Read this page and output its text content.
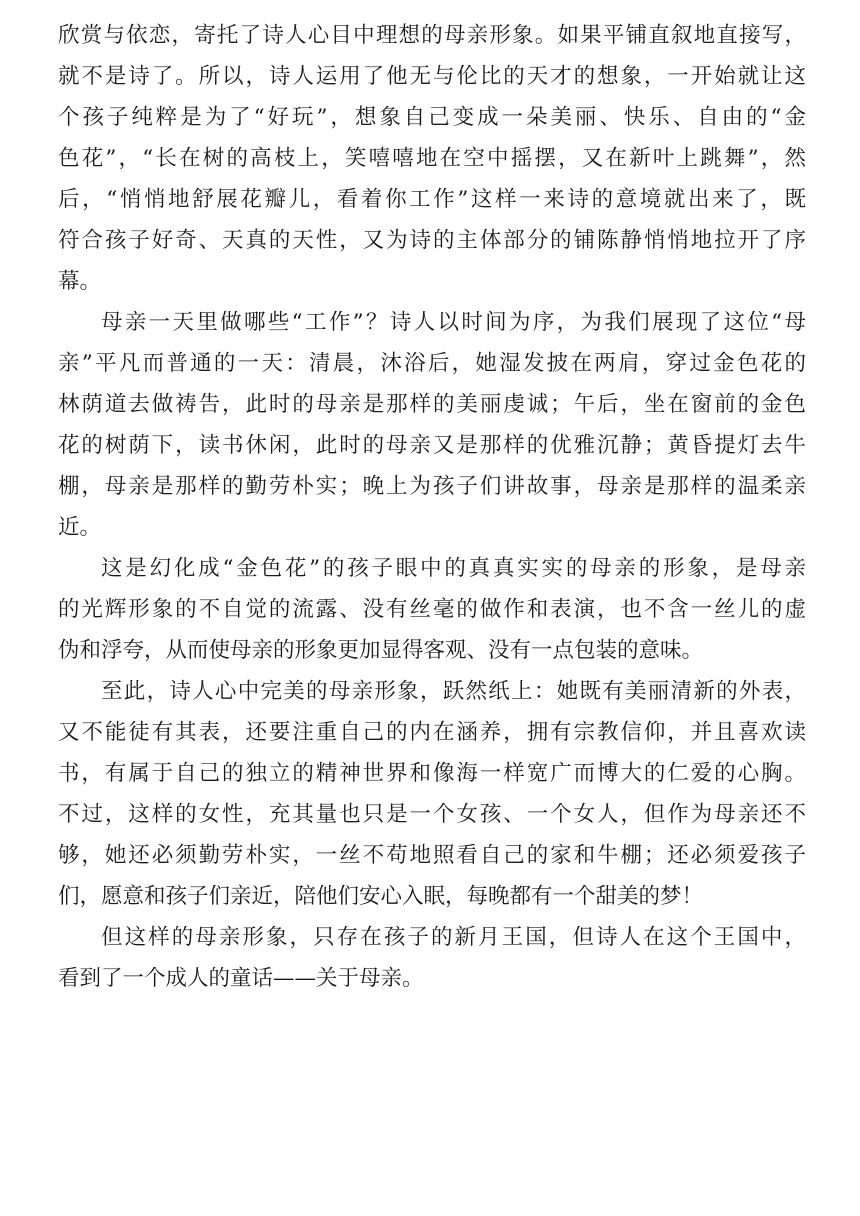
欣赏与依恋，寄托了诗人心目中理想的母亲形象。如果平铺直叙地直接写，
就不是诗了。所以，诗人运用了他无与伦比的天才的想象，一开始就让这
个孩子纯粹是为了“好玩”，想象自己变成一朵美丽、快乐、自由的“金
色花”，“长在树的高枝上，笑嘻嘻地在空中摇摆，又在新叶上跳舞”，然
后，“悄悄地舒展花瓣儿，看着你工作”这样一来诗的意境就出来了，既
符合孩子好奇、天真的天性，又为诗的主体部分的铺陈静悄悄地拉开了序
幕。

母亲一天里做哪些“工作”？诗人以时间为序，为我们展现了这位“母
亲”平凡而普通的一天：清晨，沐浴后，她湿发披在两肩，穿过金色花的
林荫道去做祷告，此时的母亲是那样的美丽虔诚；午后，坐在窗前的金色
花的树荫下，读书休闲，此时的母亲又是那样的优雅沉静；黄昏提灯去牛
棚，母亲是那样的勤劳朴实；晚上为孩子们讲故事，母亲是那样的温柔亲
近。

这是幻化成“金色花”的孩子眼中的真真实实的母亲的形象，是母亲
的光辉形象的不自觉的流露、没有丝毫的做作和表演，也不含一丝儿的虚
伪和浮夸，从而使母亲的形象更加显得客观、没有一点包装的意味。

至此，诗人心中完美的母亲形象，跃然纸上：她既有美丽清新的外表，
又不能徒有其表，还要注重自己的内在涵养，拥有宗教信仰，并且喜欢读
书，有属于自己的独立的精神世界和像海一样宽广而博大的仁爱的心胸。
不过，这样的女性，充其量也只是一个女孩、一个女人，但作为母亲还不
够，她还必须勤劳朴实，一丝不苟地照看自己的家和牛棚；还必须爱孩子
们，愿意和孩子们亲近，陪他们安心入眠，每晚都有一个甜美的梦！

但这样的母亲形象，只存在孩子的新月王国，但诗人在这个王国中，
看到了一个成人的童话——关于母亲。
